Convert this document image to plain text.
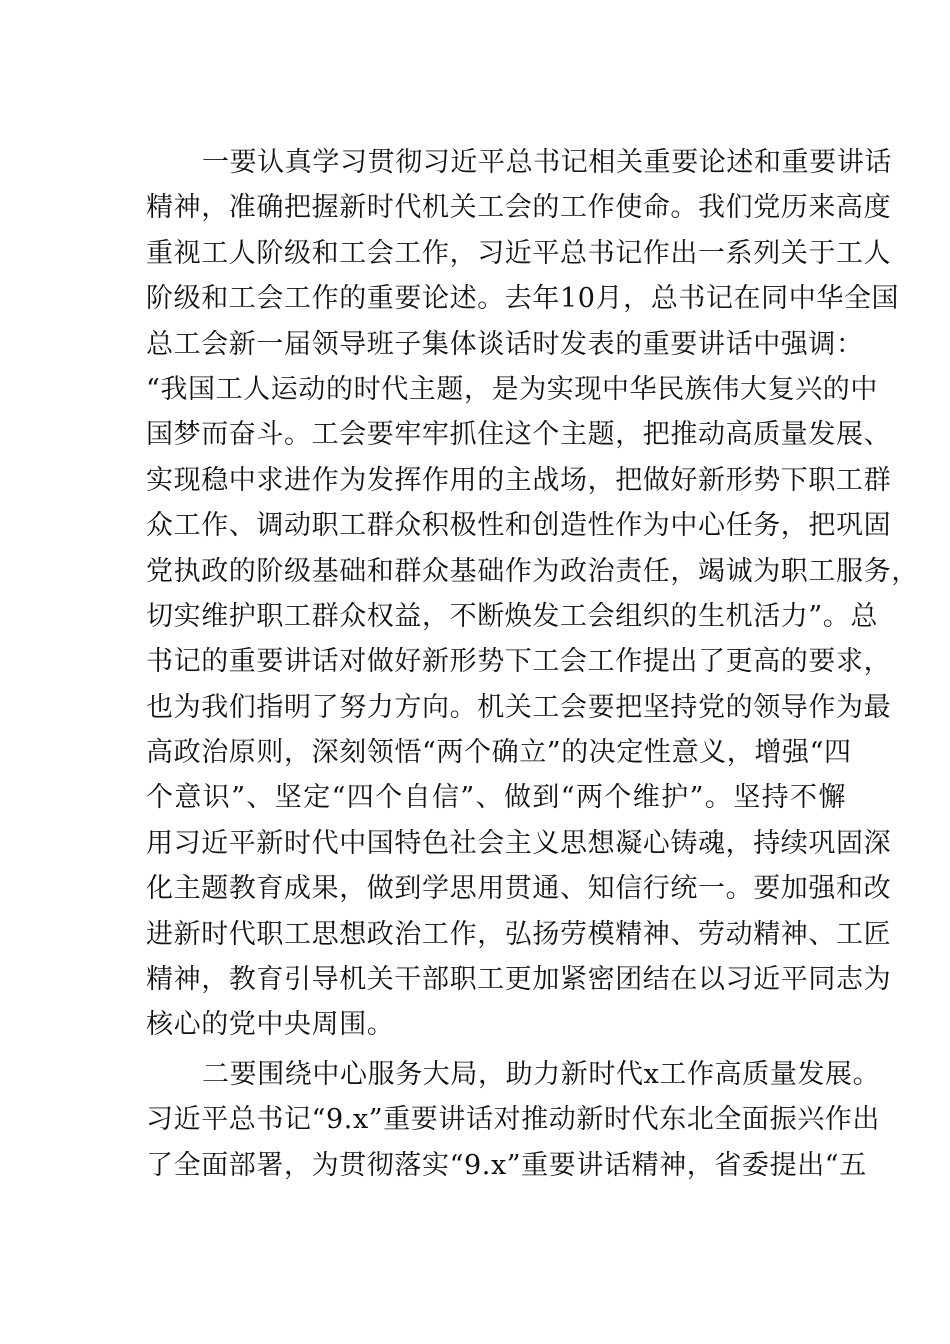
一要认真学习贯彻习近平总书记相关重要论述和重要讲话
精神，准确把握新时代机关工会的工作使命。我们党历来高度
重视工人阶级和工会工作，习近平总书记作出一系列关于工人
阶级和工会工作的重要论述。去年10月，总书记在同中华全国
总工会新一届领导班子集体谈话时发表的重要讲话中强调：
“我国工人运动的时代主题，是为实现中华民族伟大复兴的中
国梦而奋斗。工会要牢牢抓住这个主题，把推动高质量发展、
实现稳中求进作为发挥作用的主战场，把做好新形势下职工群
众工作、调动职工群众积极性和创造性作为中心任务，把巩固
党执政的阶级基础和群众基础作为政治责任，竭诚为职工服务，
切实维护职工群众权益，不断焕发工会组织的生机活力”。总
书记的重要讲话对做好新形势下工会工作提出了更高的要求，
也为我们指明了努力方向。机关工会要把坚持党的领导作为最
高政治原则，深刻领悟“两个确立”的决定性意义，增强“四
个意识”、坚定“四个自信”、做到“两个维护”。坚持不懈
用习近平新时代中国特色社会主义思想凝心铸魂，持续巩固深
化主题教育成果，做到学思用贯通、知信行统一。要加强和改
进新时代职工思想政治工作，弘扬劳模精神、劳动精神、工匠
精神，教育引导机关干部职工更加紧密团结在以习近平同志为
核心的党中央周围。
二要围绕中心服务大局，助力新时代x工作高质量发展。
习近平总书记“9.x”重要讲话对推动新时代东北全面振兴作出
了全面部署，为贯彻落实“9.x”重要讲话精神，省委提出“五
